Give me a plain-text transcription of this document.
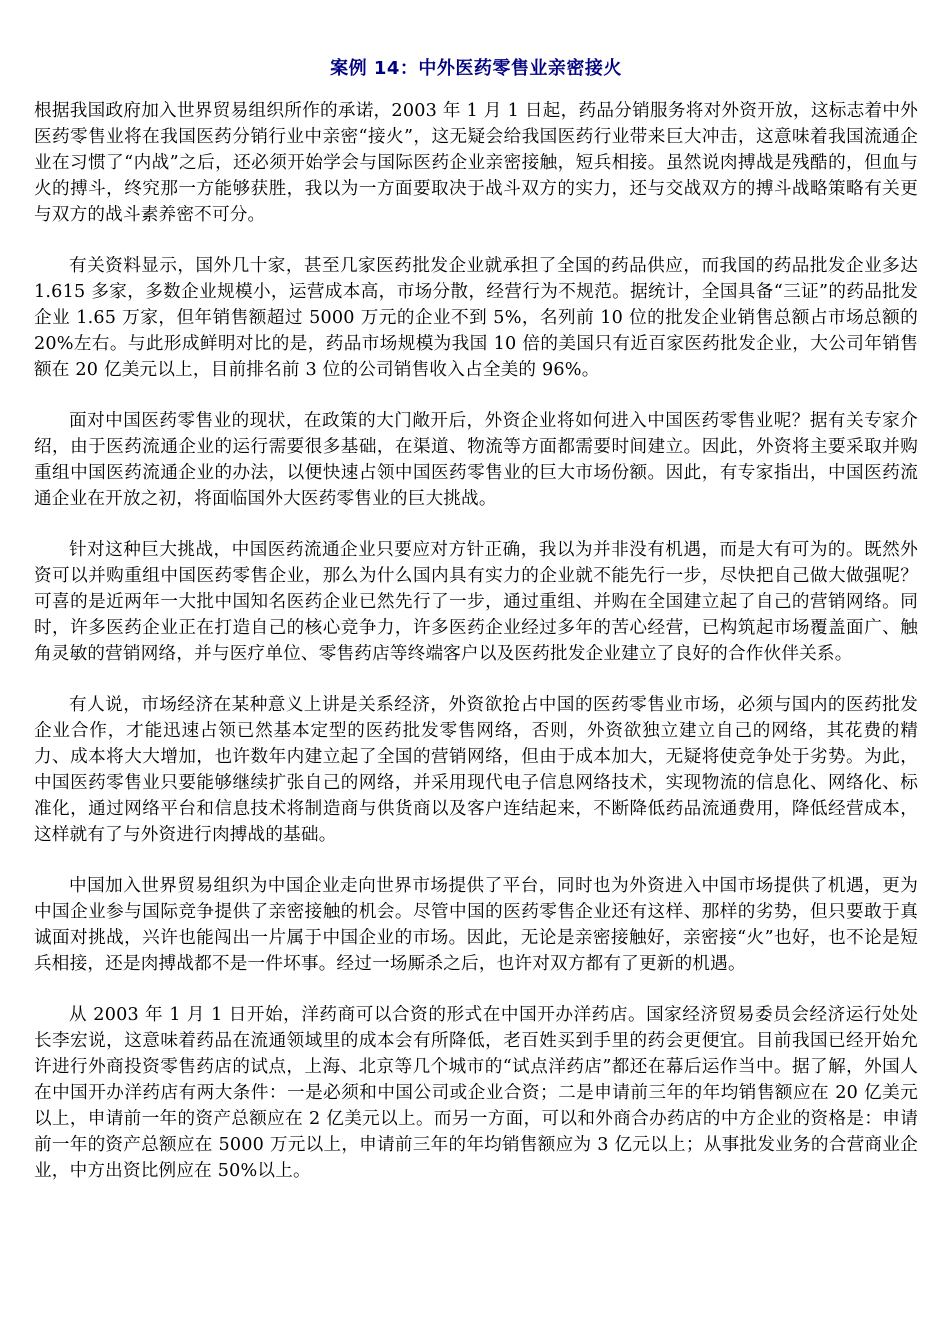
案例 14：中外医药零售业亲密接火

根据我国政府加入世界贸易组织所作的承诺，2003 年 1 月 1 日起，药品分销服务将对外资开放，这标志着中外医药零售业将在我国医药分销行业中亲密“接火”，这无疑会给我国医药行业带来巨大冲击，这意味着我国流通企业在习惯了“内战”之后，还必须开始学会与国际医药企业亲密接触，短兵相接。虽然说肉搏战是残酷的，但血与火的搏斗，终究那一方能够获胜，我以为一方面要取决于战斗双方的实力，还与交战双方的搏斗战略策略有关更与双方的战斗素养密不可分。

有关资料显示，国外几十家，甚至几家医药批发企业就承担了全国的药品供应，而我国的药品批发企业多达 1.615 多家，多数企业规模小，运营成本高，市场分散，经营行为不规范。据统计，全国具备“三证”的药品批发企业 1.65 万家，但年销售额超过 5000 万元的企业不到 5%，名列前 10 位的批发企业销售总额占市场总额的 20%左右。与此形成鲜明对比的是，药品市场规模为我国 10 倍的美国只有近百家医药批发企业，大公司年销售额在 20 亿美元以上，目前排名前 3 位的公司销售收入占全美的 96%。

面对中国医药零售业的现状，在政策的大门敞开后，外资企业将如何进入中国医药零售业呢？据有关专家介绍，由于医药流通企业的运行需要很多基础，在渠道、物流等方面都需要时间建立。因此，外资将主要采取并购重组中国医药流通企业的办法，以便快速占领中国医药零售业的巨大市场份额。因此，有专家指出，中国医药流通企业在开放之初，将面临国外大医药零售业的巨大挑战。

针对这种巨大挑战，中国医药流通企业只要应对方针正确，我以为并非没有机遇，而是大有可为的。既然外资可以并购重组中国医药零售企业，那么为什么国内具有实力的企业就不能先行一步，尽快把自己做大做强呢？可喜的是近两年一大批中国知名医药企业已然先行了一步，通过重组、并购在全国建立起了自己的营销网络。同时，许多医药企业正在打造自己的核心竞争力，许多医药企业经过多年的苦心经营，已构筑起市场覆盖面广、触角灵敏的营销网络，并与医疗单位、零售药店等终端客户以及医药批发企业建立了良好的合作伙伴关系。

有人说，市场经济在某种意义上讲是关系经济，外资欲抢占中国的医药零售业市场，必须与国内的医药批发企业合作，才能迅速占领已然基本定型的医药批发零售网络，否则，外资欲独立建立自己的网络，其花费的精力、成本将大大增加，也许数年内建立起了全国的营销网络，但由于成本加大，无疑将使竞争处于劣势。为此，中国医药零售业只要能够继续扩张自己的网络，并采用现代电子信息网络技术，实现物流的信息化、网络化、标准化，通过网络平台和信息技术将制造商与供货商以及客户连结起来，不断降低药品流通费用，降低经营成本，这样就有了与外资进行肉搏战的基础。

中国加入世界贸易组织为中国企业走向世界市场提供了平台，同时也为外资进入中国市场提供了机遇，更为中国企业参与国际竞争提供了亲密接触的机会。尽管中国的医药零售企业还有这样、那样的劣势，但只要敢于真诚面对挑战，兴许也能闯出一片属于中国企业的市场。因此，无论是亲密接触好，亲密接“火”也好，也不论是短兵相接，还是肉搏战都不是一件坏事。经过一场厮杀之后，也许对双方都有了更新的机遇。

从 2003 年 1 月 1 日开始，洋药商可以合资的形式在中国开办洋药店。国家经济贸易委员会经济运行处处长李宏说，这意味着药品在流通领域里的成本会有所降低，老百姓买到手里的药会更便宜。目前我国已经开始允许进行外商投资零售药店的试点，上海、北京等几个城市的“试点洋药店”都还在幕后运作当中。据了解，外国人在中国开办洋药店有两大条件：一是必须和中国公司或企业合资；二是申请前三年的年均销售额应在 20 亿美元以上，申请前一年的资产总额应在 2 亿美元以上。而另一方面，可以和外商合办药店的中方企业的资格是：申请前一年的资产总额应在 5000 万元以上，申请前三年的年均销售额应为 3 亿元以上；从事批发业务的合营商业企业，中方出资比例应在 50%以上。
